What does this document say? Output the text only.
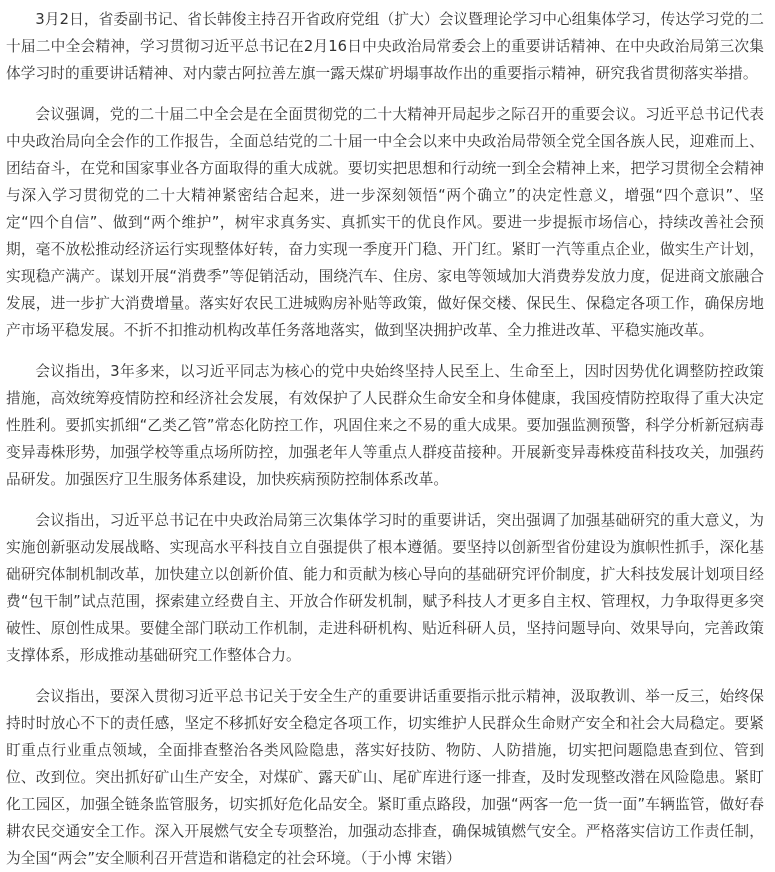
3月2日，省委副书记、省长韩俊主持召开省政府党组（扩大）会议暨理论学习中心组集体学习，传达学习党的二十届二中全会精神，学习贯彻习近平总书记在2月16日中央政治局常委会上的重要讲话精神、在中央政治局第三次集体学习时的重要讲话精神、对内蒙古阿拉善左旗一露天煤矿坍塌事故作出的重要指示精神，研究我省贯彻落实举措。

会议强调，党的二十届二中全会是在全面贯彻党的二十大精神开局起步之际召开的重要会议。习近平总书记代表中央政治局向全会作的工作报告，全面总结党的二十届一中全会以来中央政治局带领全党全国各族人民，迎难而上、团结奋斗，在党和国家事业各方面取得的重大成就。要切实把思想和行动统一到全会精神上来，把学习贯彻全会精神与深入学习贯彻党的二十大精神紧密结合起来，进一步深刻领悟“两个确立”的决定性意义，增强“四个意识”、坚定“四个自信”、做到“两个维护”，树牢求真务实、真抓实干的优良作风。要进一步提振市场信心，持续改善社会预期，毫不放松推动经济运行实现整体好转，奋力实现一季度开门稳、开门红。紧盯一汽等重点企业，做实生产计划，实现稳产满产。谋划开展“消费季”等促销活动，围绕汽车、住房、家电等领域加大消费券发放力度，促进商文旅融合发展，进一步扩大消费增量。落实好农民工进城购房补贴等政策，做好保交楼、保民生、保稳定各项工作，确保房地产市场平稳发展。不折不扣推动机构改革任务落地落实，做到坚决拥护改革、全力推进改革、平稳实施改革。

会议指出，3年多来，以习近平同志为核心的党中央始终坚持人民至上、生命至上，因时因势优化调整防控政策措施，高效统筹疫情防控和经济社会发展，有效保护了人民群众生命安全和身体健康，我国疫情防控取得了重大决定性胜利。要抓实抓细“乙类乙管”常态化防控工作，巩固住来之不易的重大成果。要加强监测预警，科学分析新冠病毒变异毒株形势，加强学校等重点场所防控，加强老年人等重点人群疫苗接种。开展新变异毒株疫苗科技攻关，加强药品研发。加强医疗卫生服务体系建设，加快疾病预防控制体系改革。

会议指出，习近平总书记在中央政治局第三次集体学习时的重要讲话，突出强调了加强基础研究的重大意义，为实施创新驱动发展战略、实现高水平科技自立自强提供了根本遵循。要坚持以创新型省份建设为旗帜性抓手，深化基础研究体制机制改革，加快建立以创新价值、能力和贡献为核心导向的基础研究评价制度，扩大科技发展计划项目经费“包干制”试点范围，探索建立经费自主、开放合作研发机制，赋予科技人才更多自主权、管理权，力争取得更多突破性、原创性成果。要健全部门联动工作机制，走进科研机构、贴近科研人员，坚持问题导向、效果导向，完善政策支撑体系，形成推动基础研究工作整体合力。

会议指出，要深入贯彻习近平总书记关于安全生产的重要讲话重要指示批示精神，汲取教训、举一反三，始终保持时时放心不下的责任感，坚定不移抓好安全稳定各项工作，切实维护人民群众生命财产安全和社会大局稳定。要紧盯重点行业重点领域，全面排查整治各类风险隐患，落实好技防、物防、人防措施，切实把问题隐患查到位、管到位、改到位。突出抓好矿山生产安全，对煤矿、露天矿山、尾矿库进行逐一排查，及时发现整改潜在风险隐患。紧盯化工园区，加强全链条监管服务，切实抓好危化品安全。紧盯重点路段，加强“两客一危一货一面”车辆监管，做好春耕农民交通安全工作。深入开展燃气安全专项整治，加强动态排查，确保城镇燃气安全。严格落实信访工作责任制，为全国“两会”安全顺利召开营造和谐稳定的社会环境。（于小博 宋锴）
